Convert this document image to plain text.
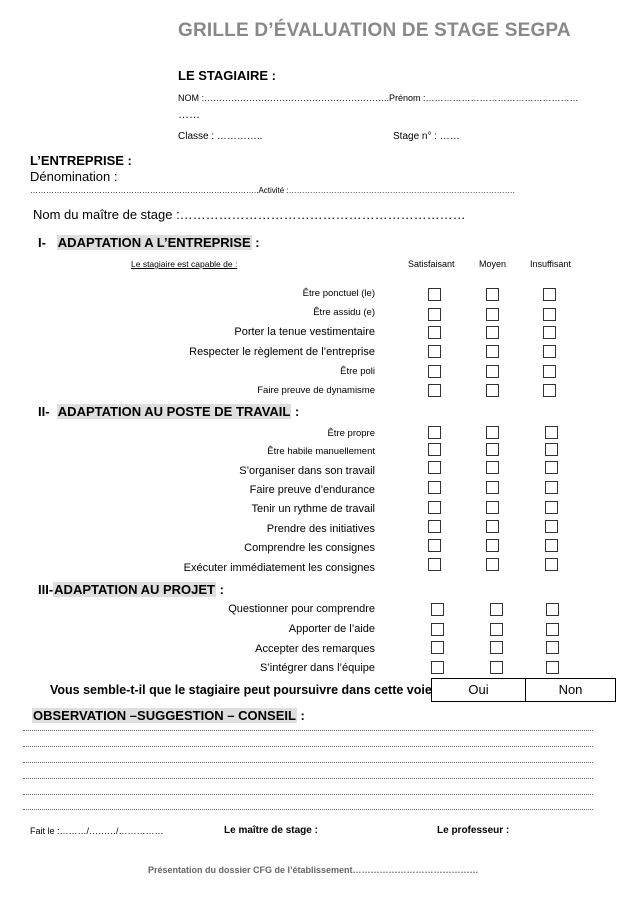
GRILLE D’ÉVALUATION DE STAGE SEGPA
LE STAGIAIRE :
NOM :……………………………………………………..Prénom :……………………………………………
……
Classe : …………..	Stage n° : ……
L’ENTREPRISE :
Dénomination :
…………………………………………………………………………..Activité :………………………………………………………………………….
Nom du maître de stage :…………………………………………………………
I- ADAPTATION A L’ENTREPRISE :
Le stagiaire est capable de :	Satisfaisant	Moyen	Insuffisant
Être ponctuel (le)
Être assidu (e)
Porter la tenue vestimentaire
Respecter le règlement de l’entreprise
Être poli
Faire preuve de dynamisme
II- ADAPTATION AU POSTE DE TRAVAIL :
Être propre
Être habile manuellement
S’organiser dans son travail
Faire preuve d’endurance
Tenir un rythme de travail
Prendre des initiatives
Comprendre les consignes
Exécuter immédiatement les consignes
III-ADAPTATION AU PROJET :
Questionner pour comprendre
Apporter de l’aide
Accepter des remarques
S’intégrer dans l’équipe
Vous semble-t-il que le stagiaire peut poursuivre dans cette voie	Oui	Non
OBSERVATION –SUGGESTION – CONSEIL :
Fait le :………/………/……………	Le maître de stage :	Le professeur :
Présentation du dossier CFG de l’établissement……………………………………
